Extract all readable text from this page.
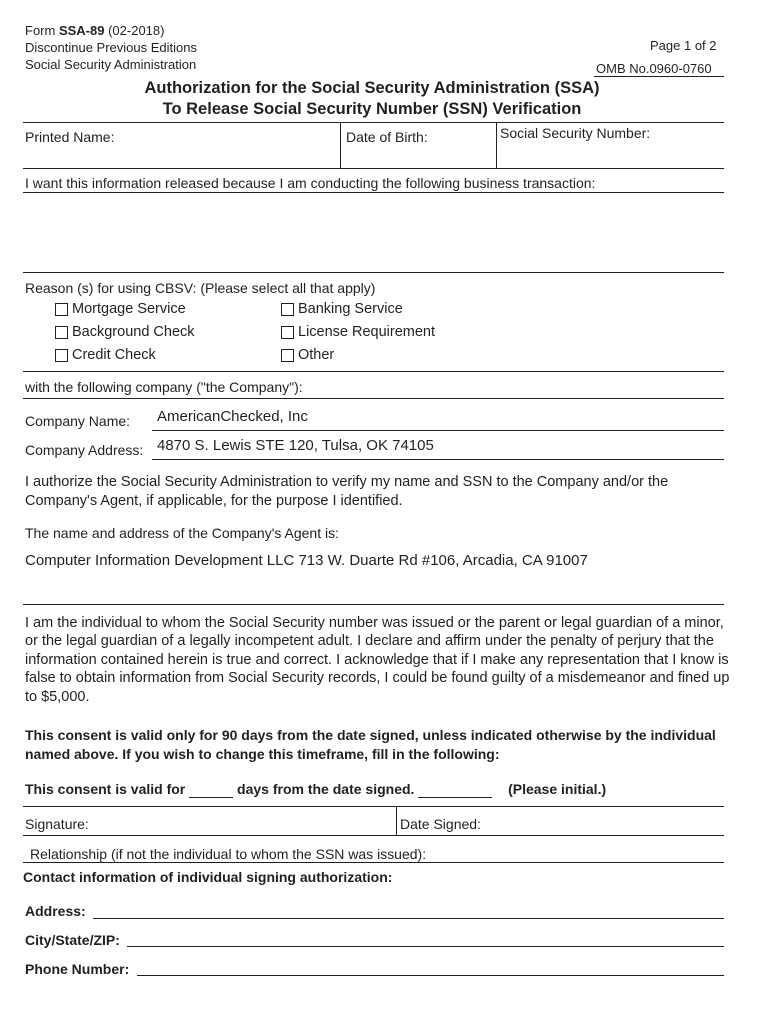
Form SSA-89 (02-2018)
Discontinue Previous Editions
Social Security Administration
Page 1 of 2
OMB No.0960-0760
Authorization for the Social Security Administration (SSA)
To Release Social Security Number (SSN) Verification
Printed Name:	Date of Birth:	Social Security Number:
I want this information released because I am conducting the following business transaction:
Reason (s) for using CBSV: (Please select all that apply)
Mortgage Service	Banking Service
Background Check	License Requirement
Credit Check	Other
with the following company ("the Company"):
Company Name: AmericanChecked, Inc
Company Address: 4870 S. Lewis STE 120, Tulsa, OK 74105
I authorize the Social Security Administration to verify my name and SSN to the Company and/or the Company's Agent, if applicable, for the purpose I identified.
The name and address of the Company's Agent is:
Computer Information Development LLC 713 W. Duarte Rd #106, Arcadia, CA 91007
I am the individual to whom the Social Security number was issued or the parent or legal guardian of a minor, or the legal guardian of a legally incompetent adult. I declare and affirm under the penalty of perjury that the information contained herein is true and correct. I acknowledge that if I make any representation that I know is false to obtain information from Social Security records, I could be found guilty of a misdemeanor and fined up to $5,000.
This consent is valid only for 90 days from the date signed, unless indicated otherwise by the individual named above. If you wish to change this timeframe, fill in the following:
This consent is valid for	days from the date signed.	(Please initial.)
Signature:	Date Signed:
Relationship (if not the individual to whom the SSN was issued):
Contact information of individual signing authorization:
Address:
City/State/ZIP:
Phone Number:
